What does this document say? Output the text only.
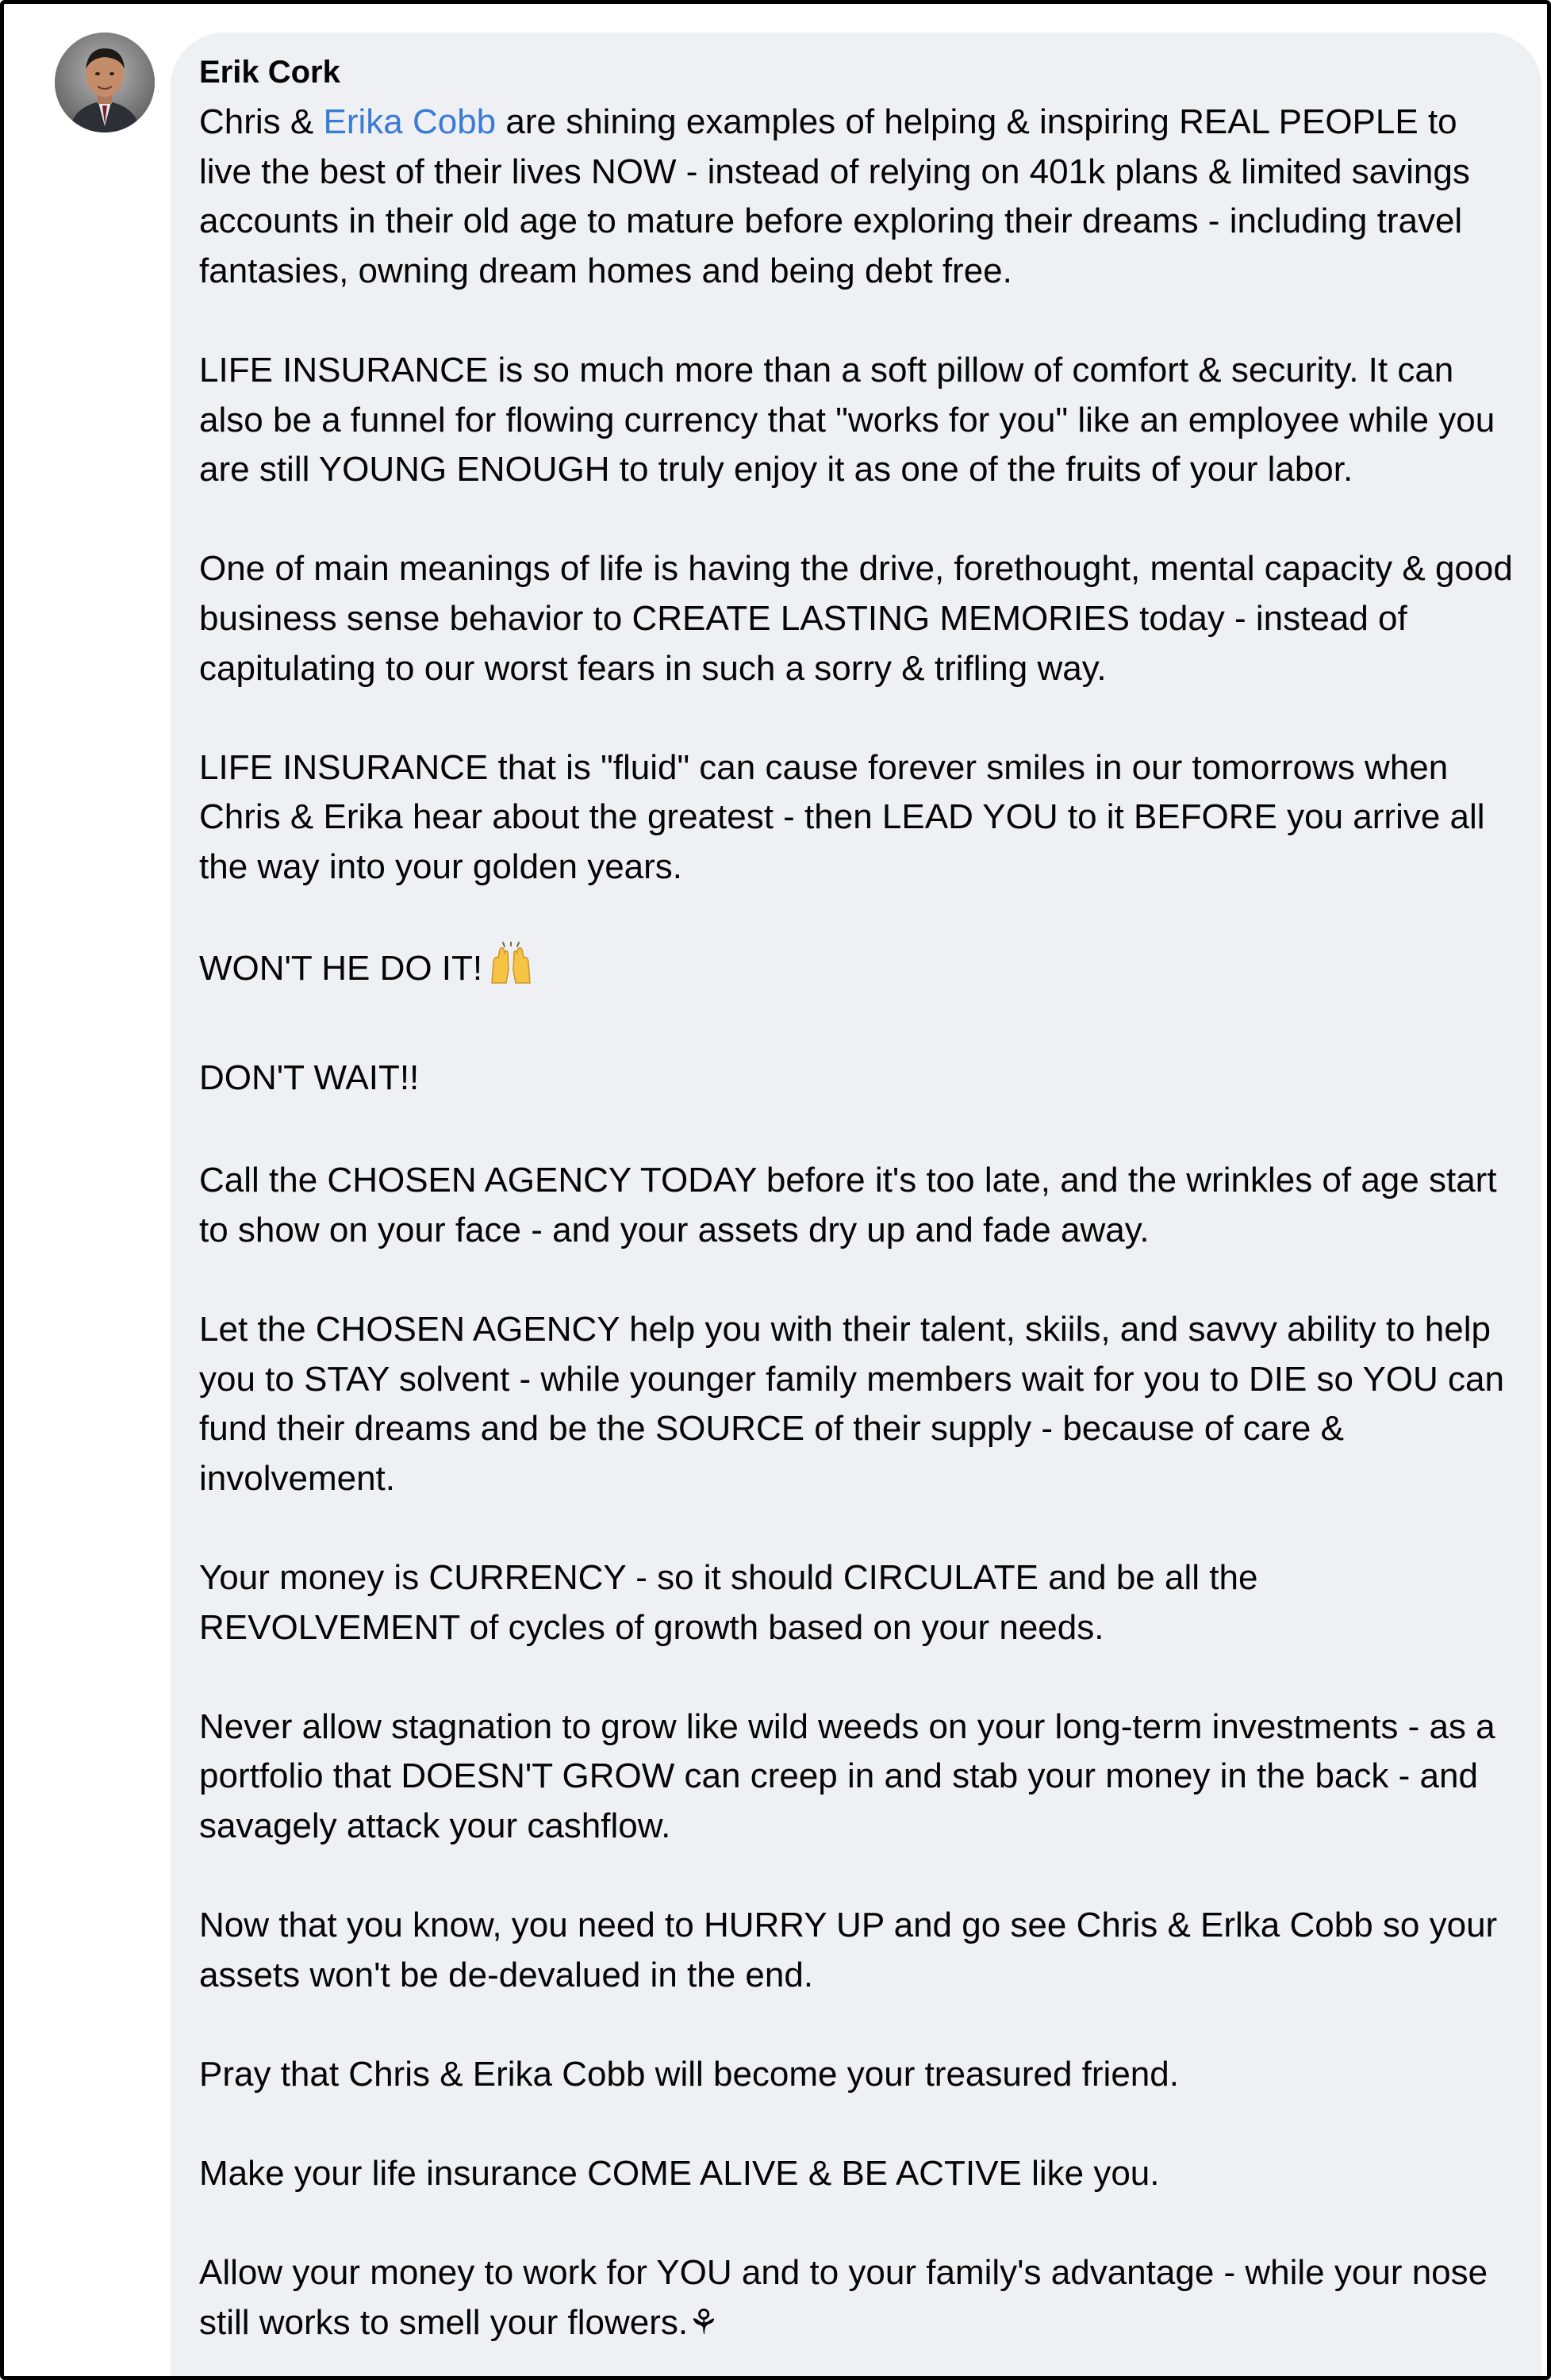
Erik Cork

Chris & Erika Cobb are shining examples of helping & inspiring REAL PEOPLE to live the best of their lives NOW - instead of relying on 401k plans & limited savings accounts in their old age to mature before exploring their dreams - including travel fantasies, owning dream homes and being debt free.

LIFE INSURANCE is so much more than a soft pillow of comfort & security. It can also be a funnel for flowing currency that "works for you" like an employee while you are still YOUNG ENOUGH to truly enjoy it as one of the fruits of your labor.

One of main meanings of life is having the drive, forethought, mental capacity & good business sense behavior to CREATE LASTING MEMORIES today - instead of capitulating to our worst fears in such a sorry & trifling way.

LIFE INSURANCE that is "fluid" can cause forever smiles in our tomorrows when Chris & Erika hear about the greatest - then LEAD YOU to it BEFORE you arrive all the way into your golden years.

WON'T HE DO IT!

DON'T WAIT!!

Call the CHOSEN AGENCY TODAY before it's too late, and the wrinkles of age start to show on your face - and your assets dry up and fade away.

Let the CHOSEN AGENCY help you with their talent, skiils, and savvy ability to help you to STAY solvent - while younger family members wait for you to DIE so YOU can fund their dreams and be the SOURCE of their supply - because of care & involvement.

Your money is CURRENCY - so it should CIRCULATE and be all the REVOLVEMENT of cycles of growth based on your needs.

Never allow stagnation to grow like wild weeds on your long-term investments - as a portfolio that DOESN'T GROW can creep in and stab your money in the back - and savagely attack your cashflow.

Now that you know, you need to HURRY UP and go see Chris & Erlka Cobb so your assets won't be de-devalued in the end.

Pray that Chris & Erika Cobb will become your treasured friend.

Make your life insurance COME ALIVE & BE ACTIVE like you.

Allow your money to work for YOU and to your family's advantage - while your nose still works to smell your flowers.⚘
